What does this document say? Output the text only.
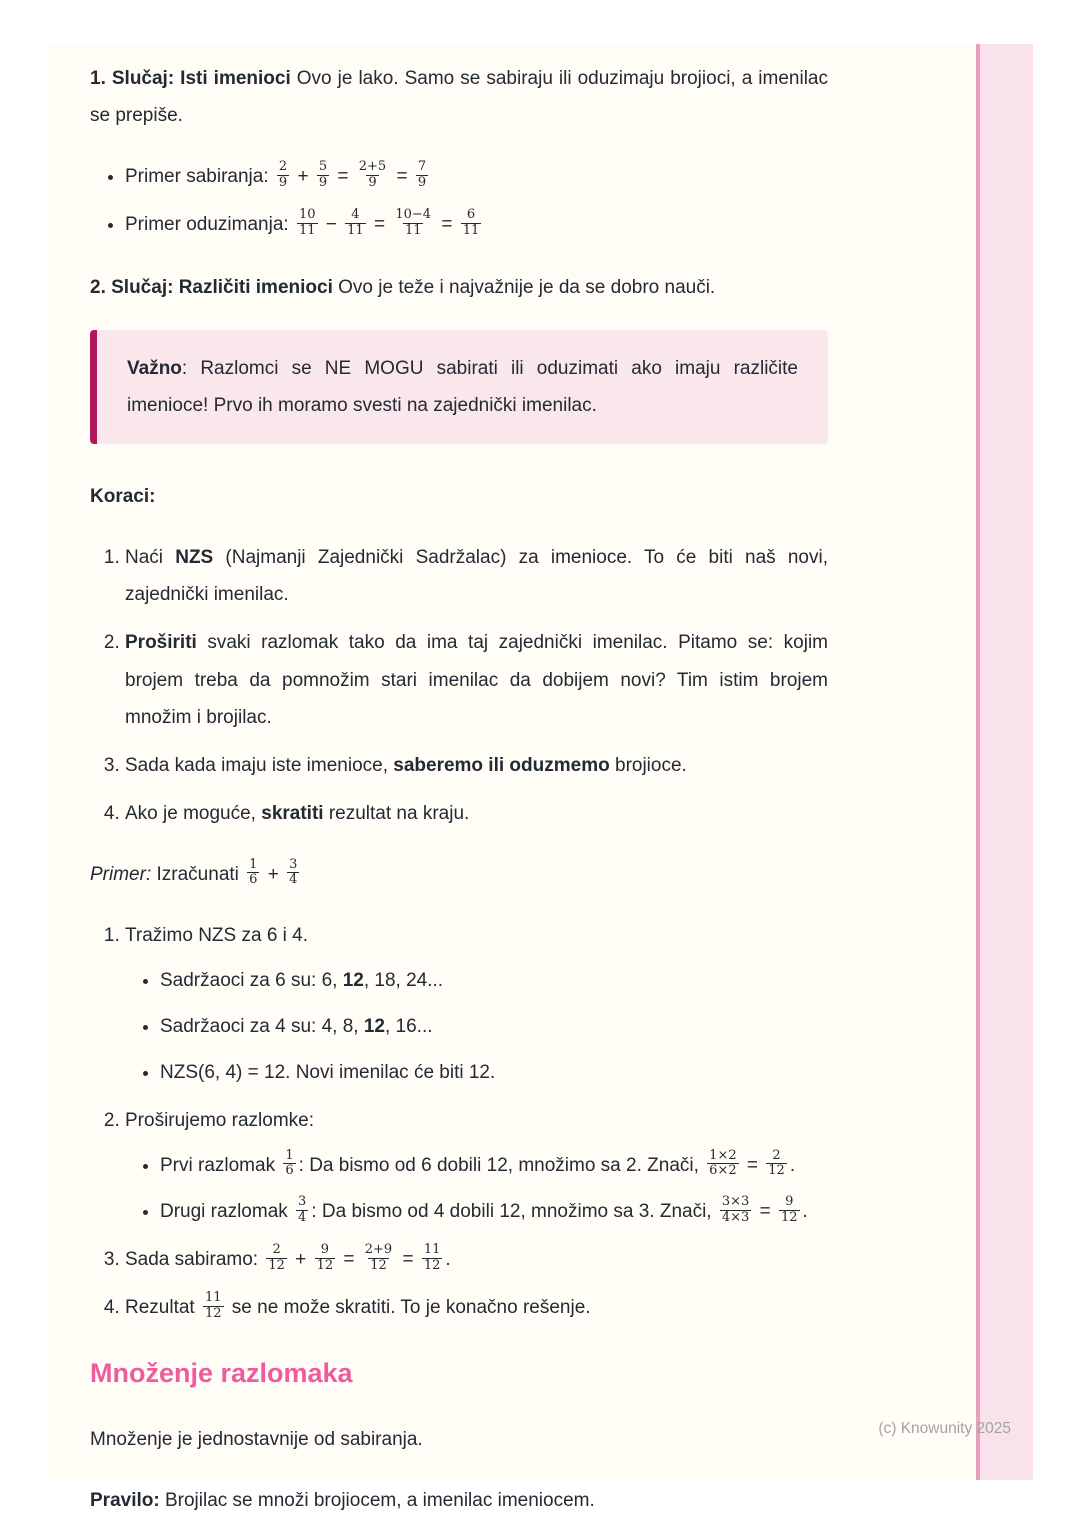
1. Slučaj: Isti imenioci Ovo je lako. Samo se sabiraju ili oduzimaju brojioci, a imenilac se prepiše.

• Primer sabiranja: $\frac{2}{9} + \frac{5}{9} = \frac{2+5}{9} = \frac{7}{9}$
• Primer oduzimanja: $\frac{10}{11} - \frac{4}{11} = \frac{10-4}{11} = \frac{6}{11}$

2. Slučaj: Različiti imenioci Ovo je teže i najvažnije je da se dobro nauči.

Važno: Razlomci se NE MOGU sabirati ili oduzimati ako imaju različite imenioce! Prvo ih moramo svesti na zajednički imenilac.

Koraci:

1. Naći NZS (Najmanji Zajednički Sadržalac) za imenioce. To će biti naš novi, zajednički imenilac.
2. Proširiti svaki razlomak tako da ima taj zajednički imenilac. Pitamo se: kojim brojem treba da pomnožim stari imenilac da dobijem novi? Tim istim brojem množim i brojilac.
3. Sada kada imaju iste imenioce, saberemo ili oduzmemo brojioce.
4. Ako je moguće, skratiti rezultat na kraju.

Primer: Izračunati $\frac{1}{6} + \frac{3}{4}$

1. Tražimo NZS za 6 i 4.
• Sadržaoci za 6 su: 6, 12, 18, 24...
• Sadržaoci za 4 su: 4, 8, 12, 16...
• NZS(6, 4) = 12. Novi imenilac će biti 12.
2. Proširujemo razlomke:
• Prvi razlomak $\frac{1}{6}$ : Da bismo od 6 dobili 12, množimo sa 2. Znači, $\frac{1\times 2}{6\times 2} = \frac{2}{12}$ .
• Drugi razlomak $\frac{3}{4}$ : Da bismo od 4 dobili 12, množimo sa 3. Znači, $\frac{3\times 3}{4\times 3} = \frac{9}{12}$ .
3. Sada sabiramo: $\frac{2}{12} + \frac{9}{12} = \frac{2+9}{12} = \frac{11}{12}$ .
4. Rezultat $\frac{11}{12}$ se ne može skratiti. To je konačno rešenje.
Množenje razlomaka

Množenje je jednostavnije od sabiranja.

Pravilo: Brojilac se množi brojiocem, a imenilac imeniocem.

(c) Knowunity 2025
